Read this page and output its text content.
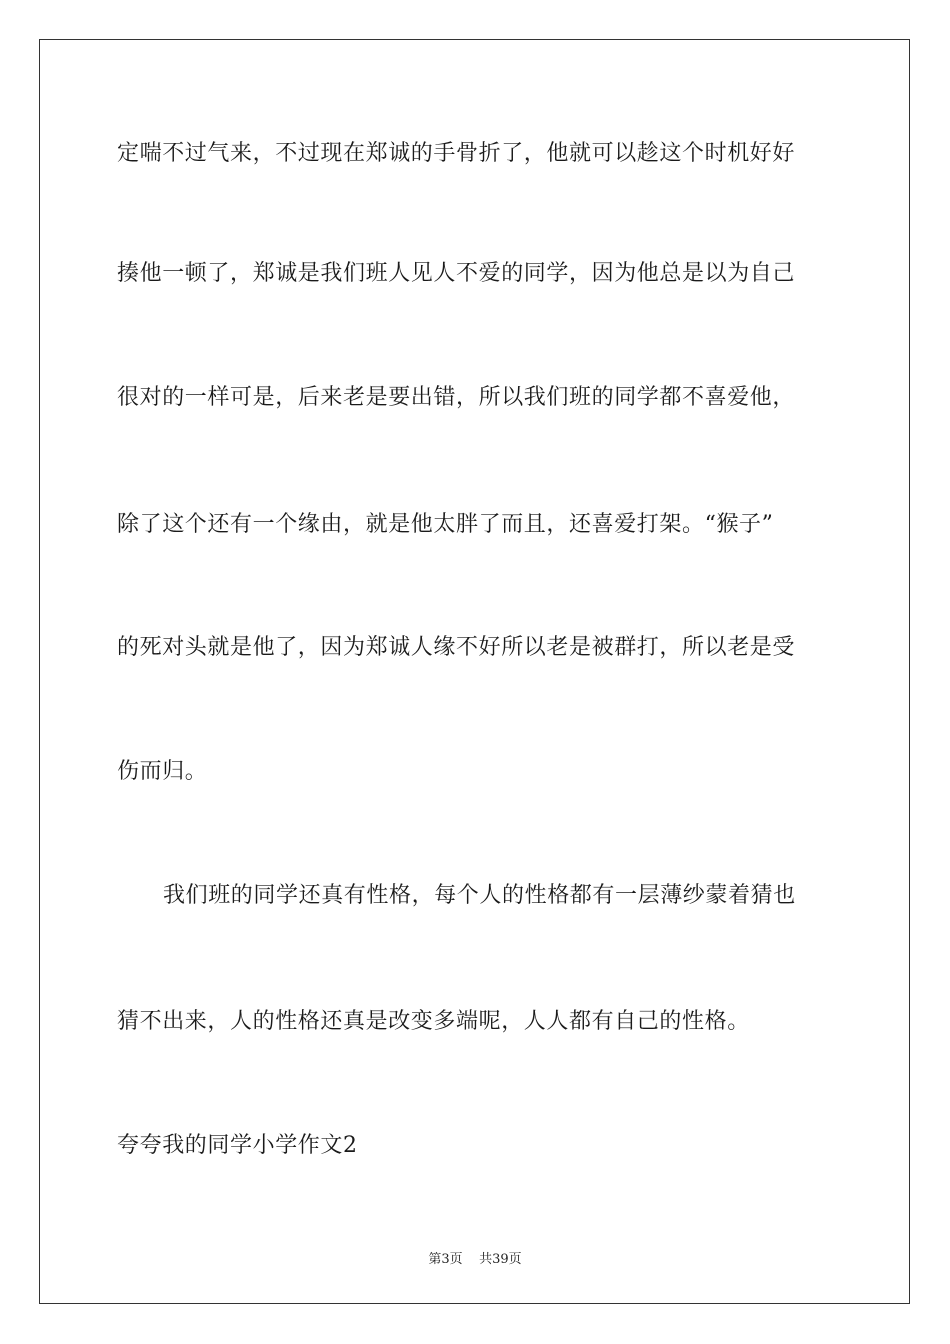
定喘不过气来，不过现在郑诚的手骨折了，他就可以趁这个时机好好
揍他一顿了，郑诚是我们班人见人不爱的同学，因为他总是以为自己
很对的一样可是，后来老是要出错，所以我们班的同学都不喜爱他，
除了这个还有一个缘由，就是他太胖了而且，还喜爱打架。“猴子”
的死对头就是他了，因为郑诚人缘不好所以老是被群打，所以老是受
伤而归。
我们班的同学还真有性格，每个人的性格都有一层薄纱蒙着猜也
猜不出来，人的性格还真是改变多端呢，人人都有自己的性格。
夸夸我的同学小学作文2
第3页 共39页
